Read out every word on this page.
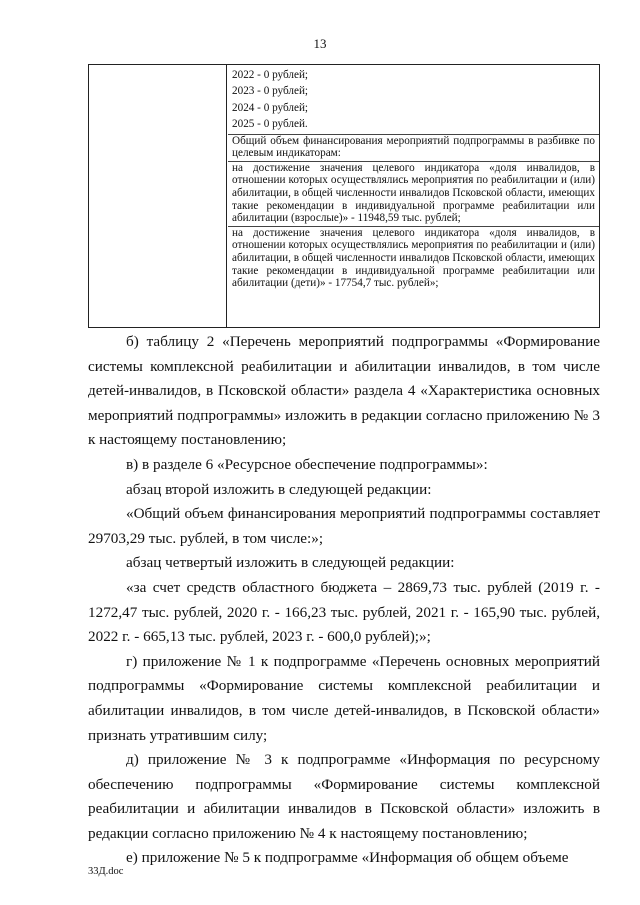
13
2022 - 0 рублей;
2023 - 0 рублей;
2024 - 0 рублей;
2025 - 0 рублей.
Общий объем финансирования мероприятий подпрограммы в разбивке по целевым индикаторам:
на достижение значения целевого индикатора «доля инвалидов, в отношении которых осуществлялись мероприятия по реабилитации и (или) абилитации, в общей численности инвалидов Псковской области, имеющих такие рекомендации в индивидуальной программе реабилитации или абилитации (взрослые)» - 11948,59 тыс. рублей;
на достижение значения целевого индикатора «доля инвалидов, в отношении которых осуществлялись мероприятия по реабилитации и (или) абилитации, в общей численности инвалидов Псковской области, имеющих такие рекомендации в индивидуальной программе реабилитации или абилитации (дети)» - 17754,7 тыс. рублей»;

б) таблицу 2 «Перечень мероприятий подпрограммы «Формирование системы комплексной реабилитации и абилитации инвалидов, в том числе детей-инвалидов, в Псковской области» раздела 4 «Характеристика основных мероприятий подпрограммы» изложить в редакции согласно приложению № 3 к настоящему постановлению;

в) в разделе 6 «Ресурсное обеспечение подпрограммы»:

абзац второй изложить в следующей редакции:

«Общий объем финансирования мероприятий подпрограммы составляет 29703,29 тыс. рублей, в том числе:»;

абзац четвертый изложить в следующей редакции:

«за счет средств областного бюджета – 2869,73 тыс. рублей (2019 г. - 1272,47 тыс. рублей, 2020 г. - 166,23 тыс. рублей, 2021 г. - 165,90 тыс. рублей, 2022 г. - 665,13 тыс. рублей, 2023 г. - 600,0 рублей);»;

г) приложение № 1 к подпрограмме «Перечень основных мероприятий подпрограммы «Формирование системы комплексной реабилитации и абилитации инвалидов, в том числе детей-инвалидов, в Псковской области» признать утратившим силу;

д) приложение № 3 к подпрограмме «Информация по ресурсному обеспечению подпрограммы «Формирование системы комплексной реабилитации и абилитации инвалидов в Псковской области» изложить в редакции согласно приложению № 4 к настоящему постановлению;

е) приложение № 5 к подпрограмме «Информация об общем объеме

33Д.doc
